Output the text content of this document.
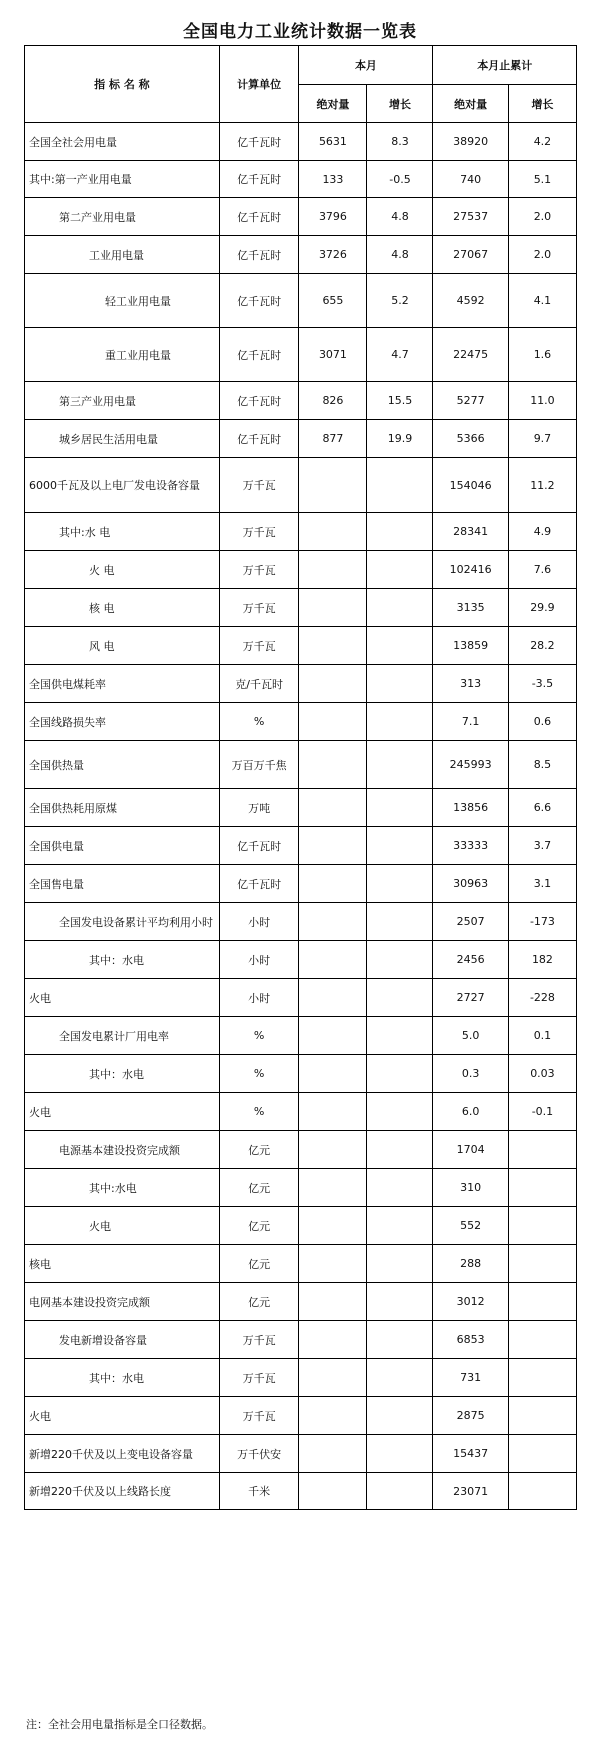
全国电力工业统计数据一览表
指 标 名 称	计算单位	本月		本月止累计	
		绝对量	增长	绝对量	增长
全国全社会用电量	亿千瓦时	5631	8.3	38920	4.2
其中:第一产业用电量	亿千瓦时	133	-0.5	740	5.1
第二产业用电量	亿千瓦时	3796	4.8	27537	2.0
工业用电量	亿千瓦时	3726	4.8	27067	2.0
轻工业用电量	亿千瓦时	655	5.2	4592	4.1
重工业用电量	亿千瓦时	3071	4.7	22475	1.6
第三产业用电量	亿千瓦时	826	15.5	5277	11.0
城乡居民生活用电量	亿千瓦时	877	19.9	5366	9.7
6000千瓦及以上电厂发电设备容量	万千瓦			154046	11.2
其中:水 电	万千瓦			28341	4.9
火 电	万千瓦			102416	7.6
核 电	万千瓦			3135	29.9
风 电	万千瓦			13859	28.2
全国供电煤耗率	克/千瓦时			313	-3.5
全国线路损失率	%			7.1	0.6
全国供热量	万百万千焦			245993	8.5
全国供热耗用原煤	万吨			13856	6.6
全国供电量	亿千瓦时			33333	3.7
全国售电量	亿千瓦时			30963	3.1
全国发电设备累计平均利用小时	小时			2507	-173
其中：水电	小时			2456	182
火电	小时			2727	-228
全国发电累计厂用电率	%			5.0	0.1
其中：水电	%			0.3	0.03
火电	%			6.0	-0.1
电源基本建设投资完成额	亿元			1704	
其中:水电	亿元			310	
火电	亿元			552	
核电	亿元			288	
电网基本建设投资完成额	亿元			3012	
发电新增设备容量	万千瓦			6853	
其中：水电	万千瓦			731	
火电	万千瓦			2875	
新增220千伏及以上变电设备容量	万千伏安			15437	
新增220千伏及以上线路长度	千米			23071	
注：全社会用电量指标是全口径数据。
